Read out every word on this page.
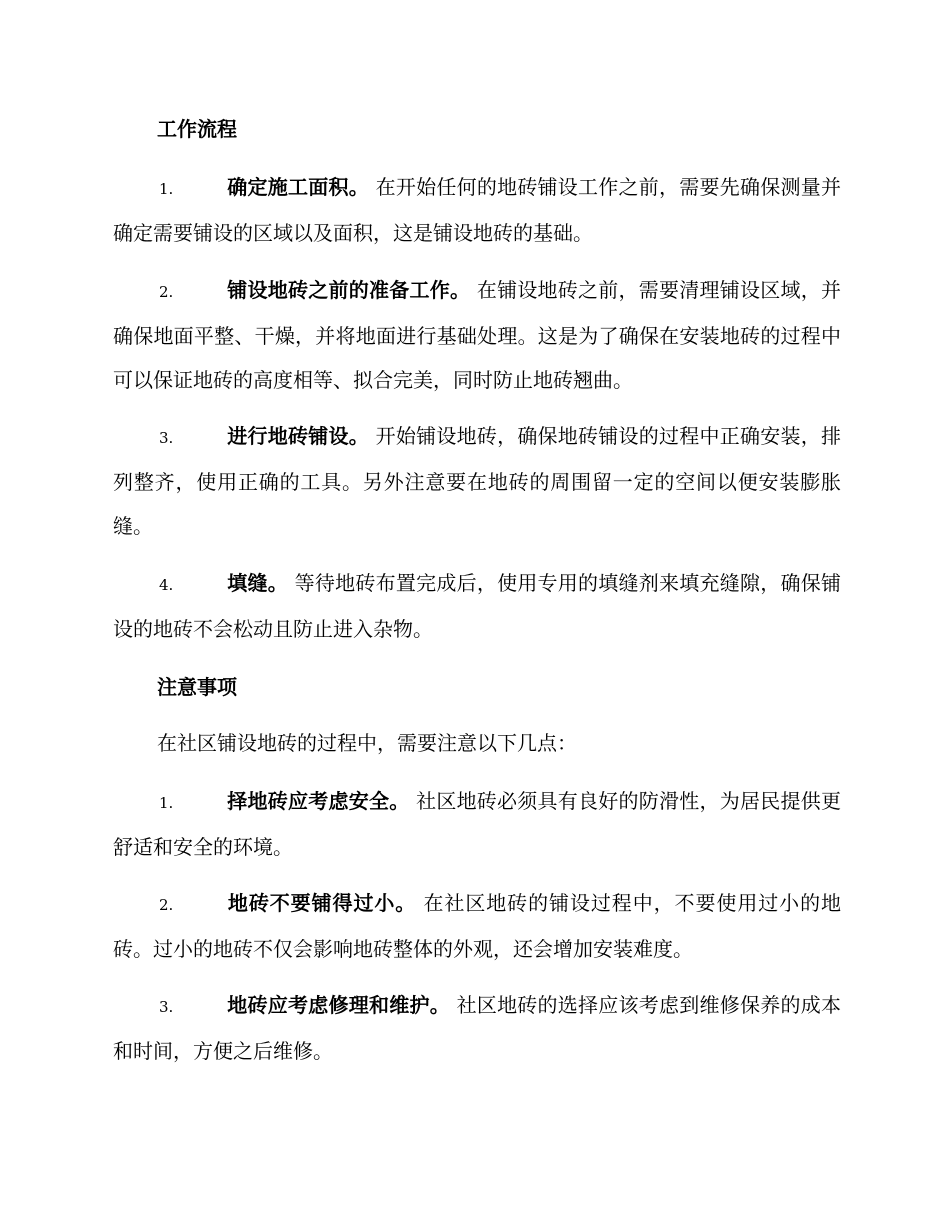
工作流程
1.	确定施工面积。 在开始任何的地砖铺设工作之前，需要先确保测量并确定需要铺设的区域以及面积，这是铺设地砖的基础。
2.	铺设地砖之前的准备工作。 在铺设地砖之前，需要清理铺设区域，并确保地面平整、干燥，并将地面进行基础处理。这是为了确保在安装地砖的过程中可以保证地砖的高度相等、拟合完美，同时防止地砖翘曲。
3.	进行地砖铺设。 开始铺设地砖，确保地砖铺设的过程中正确安装，排列整齐，使用正确的工具。另外注意要在地砖的周围留一定的空间以便安装膨胀缝。
4.	填缝。 等待地砖布置完成后，使用专用的填缝剂来填充缝隙，确保铺设的地砖不会松动且防止进入杂物。
注意事项
在社区铺设地砖的过程中，需要注意以下几点：
1.	择地砖应考虑安全。 社区地砖必须具有良好的防滑性，为居民提供更舒适和安全的环境。
2.	地砖不要铺得过小。 在社区地砖的铺设过程中，不要使用过小的地砖。过小的地砖不仅会影响地砖整体的外观，还会增加安装难度。
3.	地砖应考虑修理和维护。 社区地砖的选择应该考虑到维修保养的成本和时间，方便之后维修。
